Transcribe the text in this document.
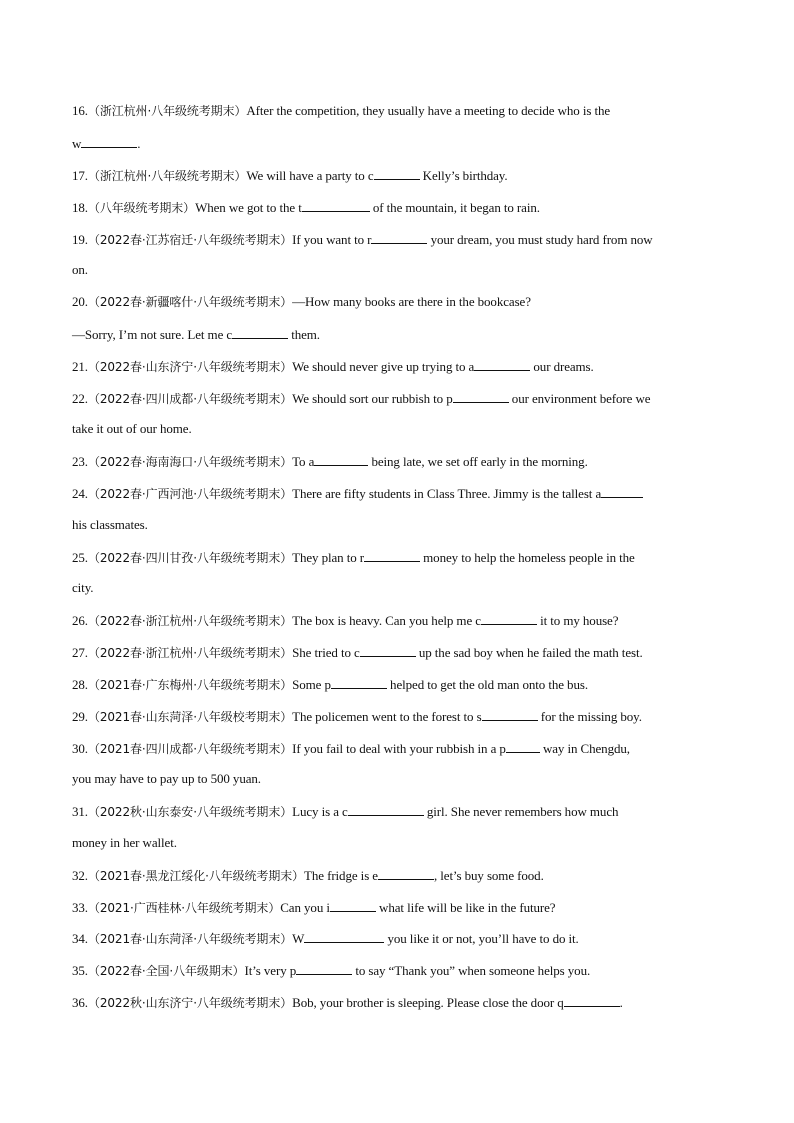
16.（浙江杭州·八年级统考期末）After the competition, they usually have a meeting to decide who is the
w	.
17.（浙江杭州·八年级统考期末）We will have a party to c	Kelly’s birthday.
18.（八年级统考期末）When we got to the t	of the mountain, it began to rain.
19.（2022春·江苏宿迁·八年级统考期末）If you want to r	your dream, you must study hard from now
on.
20.（2022春·新疆喀什·八年级统考期末）—How many books are there in the bookcase?
—Sorry, I’m not sure. Let me c	them.
21.（2022春·山东济宁·八年级统考期末）We should never give up trying to a	our dreams.
22.（2022春·四川成都·八年级统考期末）We should sort our rubbish to p	our environment before we
take it out of our home.
23.（2022春·海南海口·八年级统考期末）To a	being late, we set off early in the morning.
24.（2022春·广西河池·八年级统考期末）There are fifty students in Class Three. Jimmy is the tallest a
his classmates.
25.（2022春·四川甘孜·八年级统考期末）They plan to r	money to help the homeless people in the
city.
26.（2022春·浙江杭州·八年级统考期末）The box is heavy. Can you help me c	it to my house?
27.（2022春·浙江杭州·八年级统考期末）She tried to c	up the sad boy when he failed the math test.
28.（2021春·广东梅州·八年级统考期末）Some p	helped to get the old man onto the bus.
29.（2021春·山东菏泽·八年级校考期末）The policemen went to the forest to s	for the missing boy.
30.（2021春·四川成都·八年级统考期末）If you fail to deal with your rubbish in a p	way in Chengdu,
you may have to pay up to 500 yuan.
31.（2022秋·山东泰安·八年级统考期末）Lucy is a c	girl. She never remembers how much
money in her wallet.
32.（2021春·黑龙江绥化·八年级统考期末）The fridge is e	, let’s buy some food.
33.（2021·广西桂林·八年级统考期末）Can you i	what life will be like in the future?
34.（2021春·山东菏泽·八年级统考期末）W	you like it or not, you’ll have to do it.
35.（2022春·全国·八年级期末）It’s very p	to say “Thank you” when someone helps you.
36.（2022秋·山东济宁·八年级统考期末）Bob, your brother is sleeping. Please close the door q	.
